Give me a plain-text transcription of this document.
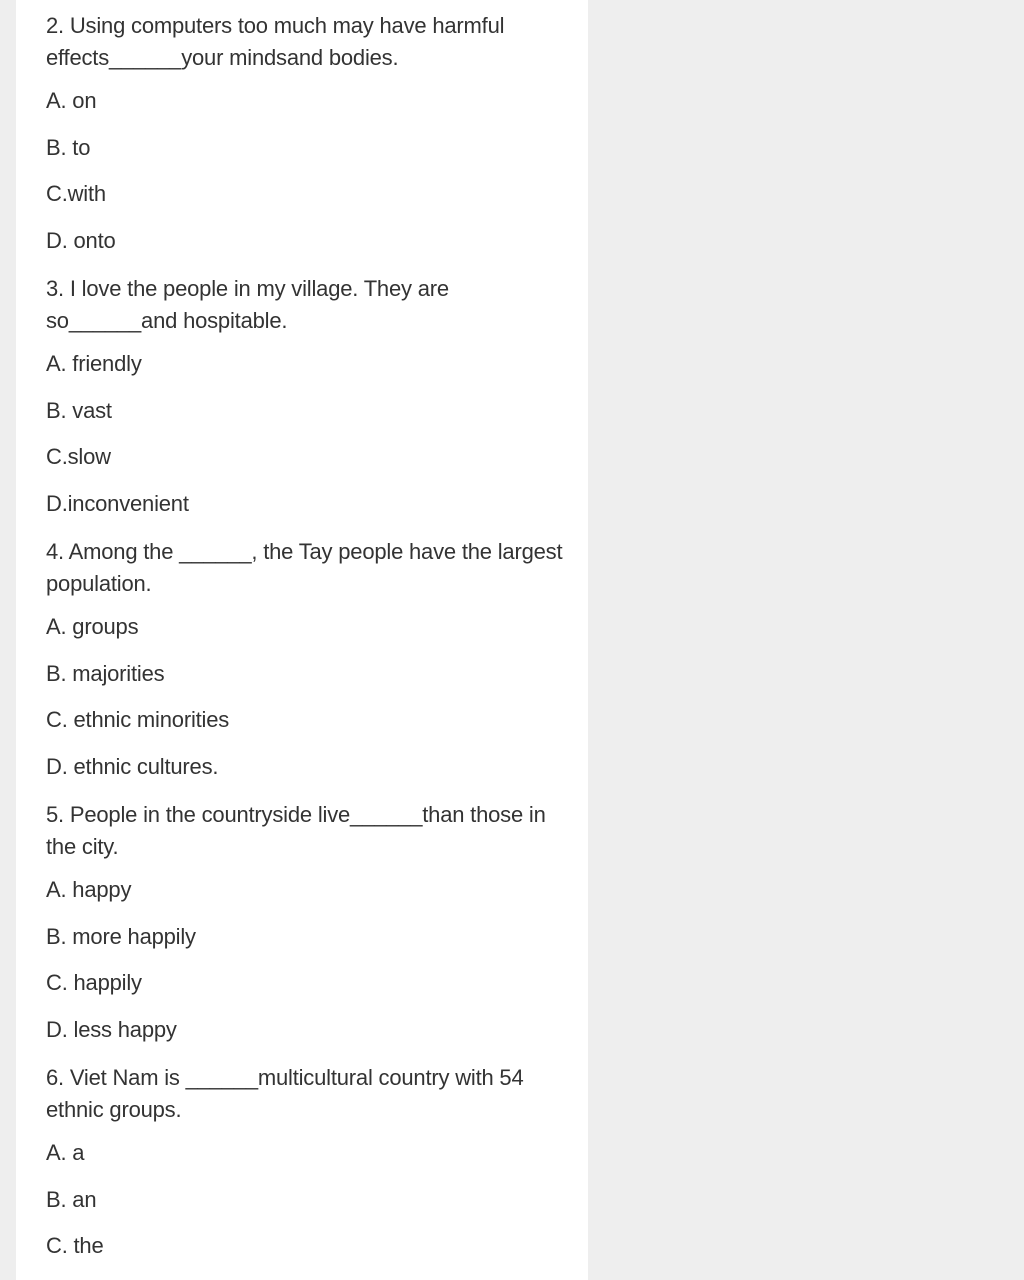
2. Using computers too much may have harmful effects______your mindsand bodies.
A. on
B. to
C.with
D. onto
3. I love the people in my village. They are so______and hospitable.
A. friendly
B. vast
C.slow
D.inconvenient
4. Among the ______, the Tay people have the largest population.
A. groups
B. majorities
C. ethnic minorities
D. ethnic cultures.
5. People in the countryside live______than those in the city.
A. happy
B. more happily
C. happily
D. less happy
6. Viet Nam is ______multicultural country with 54 ethnic groups.
A. a
B. an
C. the
